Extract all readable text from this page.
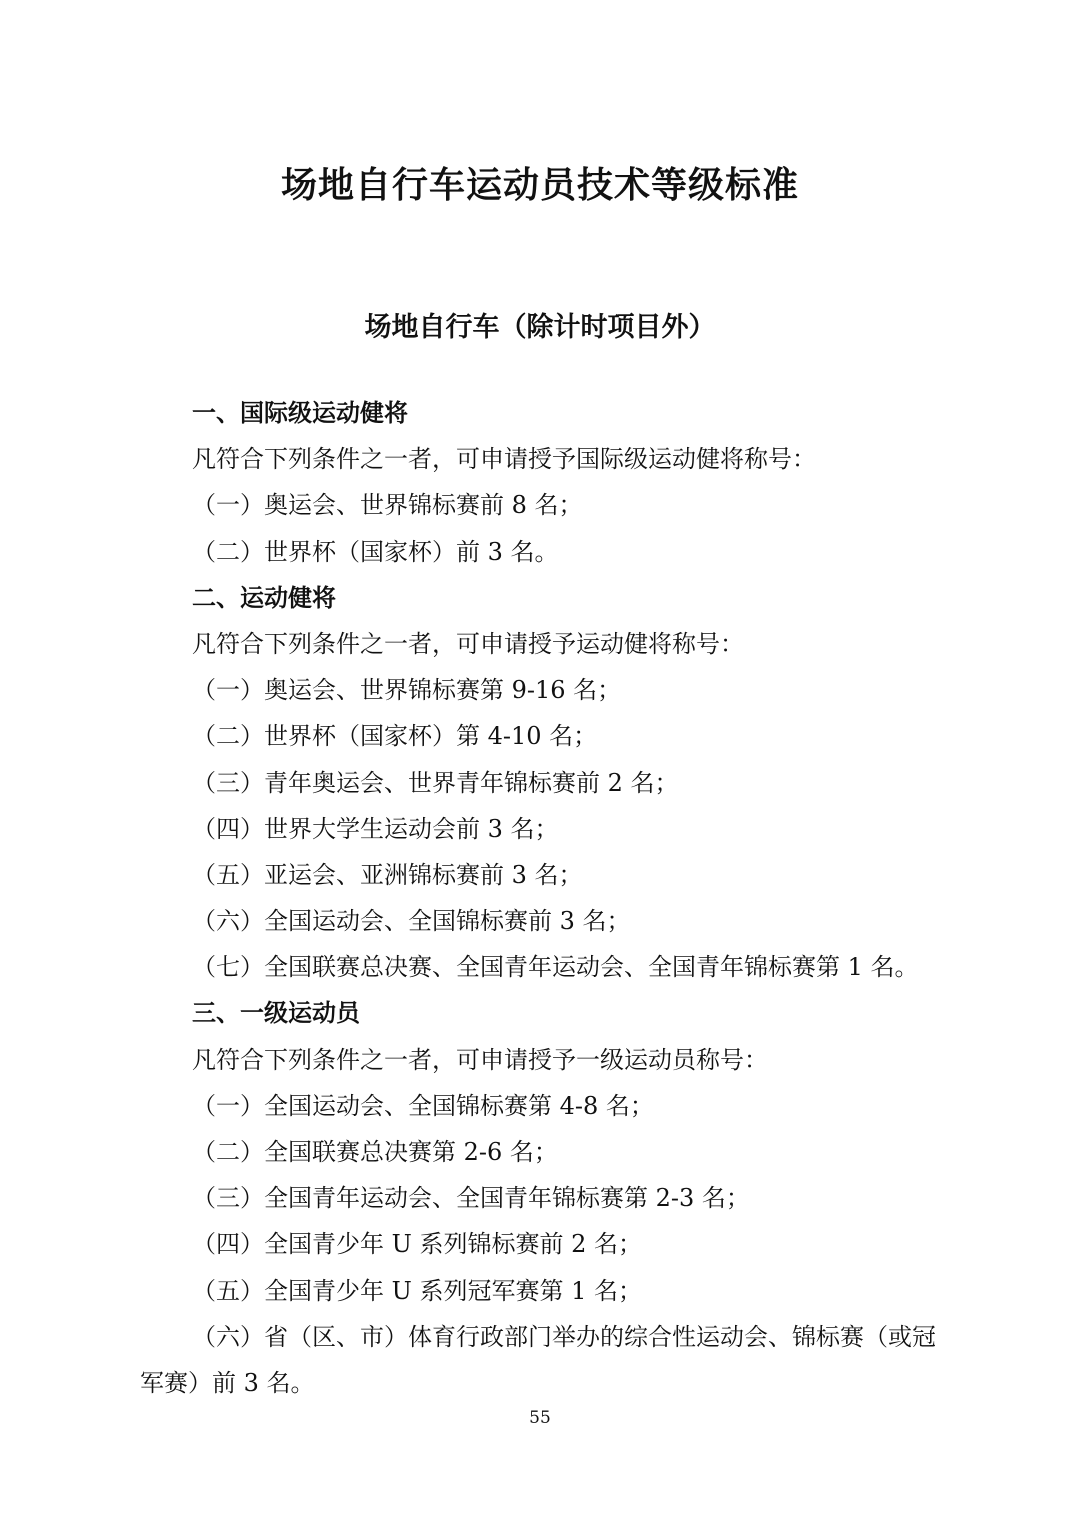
场地自行车运动员技术等级标准
场地自行车（除计时项目外）
一、国际级运动健将
凡符合下列条件之一者，可申请授予国际级运动健将称号：
（一）奥运会、世界锦标赛前 8 名；
（二）世界杯（国家杯）前 3 名。
二、运动健将
凡符合下列条件之一者，可申请授予运动健将称号：
（一）奥运会、世界锦标赛第 9-16 名；
（二）世界杯（国家杯）第 4-10 名；
（三）青年奥运会、世界青年锦标赛前 2 名；
（四）世界大学生运动会前 3 名；
（五）亚运会、亚洲锦标赛前 3 名；
（六）全国运动会、全国锦标赛前 3 名；
（七）全国联赛总决赛、全国青年运动会、全国青年锦标赛第 1 名。
三、一级运动员
凡符合下列条件之一者，可申请授予一级运动员称号：
（一）全国运动会、全国锦标赛第 4-8 名；
（二）全国联赛总决赛第 2-6 名；
（三）全国青年运动会、全国青年锦标赛第 2-3 名；
（四）全国青少年 U 系列锦标赛前 2 名；
（五）全国青少年 U 系列冠军赛第 1 名；
（六）省（区、市）体育行政部门举办的综合性运动会、锦标赛（或冠军赛）前 3 名。
55
